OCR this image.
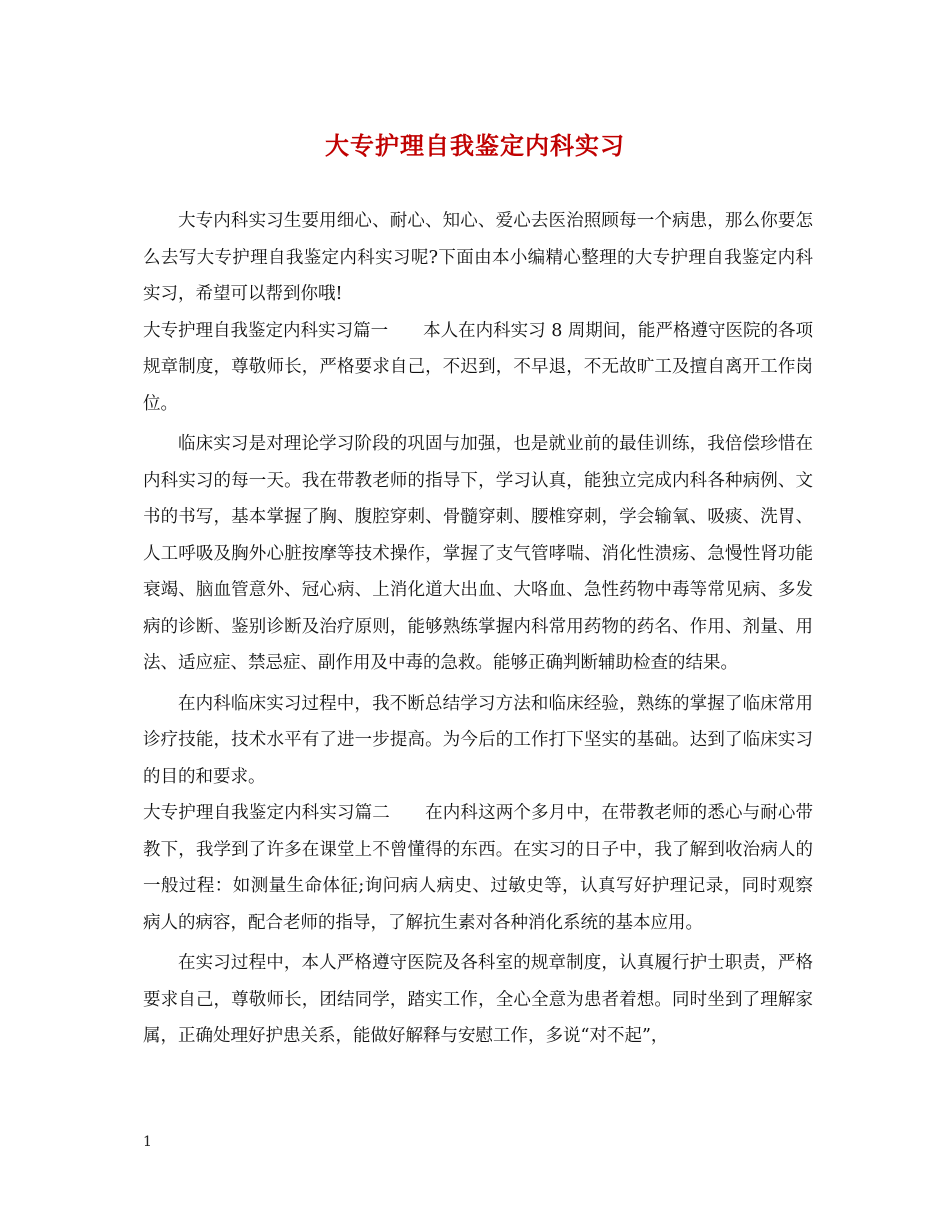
大专护理自我鉴定内科实习

大专内科实习生要用细心、耐心、知心、爱心去医治照顾每一个病患，那么你要怎么去写大专护理自我鉴定内科实习呢?下面由本小编精心整理的大专护理自我鉴定内科实习，希望可以帮到你哦!

大专护理自我鉴定内科实习篇一　　本人在内科实习 8 周期间，能严格遵守医院的各项规章制度，尊敬师长，严格要求自己，不迟到，不早退，不无故旷工及擅自离开工作岗位。

临床实习是对理论学习阶段的巩固与加强，也是就业前的最佳训练，我倍偿珍惜在内科实习的每一天。我在带教老师的指导下，学习认真，能独立完成内科各种病例、文书的书写，基本掌握了胸、腹腔穿刺、骨髓穿刺、腰椎穿刺，学会输氧、吸痰、洗胃、人工呼吸及胸外心脏按摩等技术操作，掌握了支气管哮喘、消化性溃疡、急慢性肾功能衰竭、脑血管意外、冠心病、上消化道大出血、大咯血、急性药物中毒等常见病、多发病的诊断、鉴别诊断及治疗原则，能够熟练掌握内科常用药物的药名、作用、剂量、用法、适应症、禁忌症、副作用及中毒的急救。能够正确判断辅助检查的结果。

在内科临床实习过程中，我不断总结学习方法和临床经验，熟练的掌握了临床常用诊疗技能，技术水平有了进一步提高。为今后的工作打下坚实的基础。达到了临床实习的目的和要求。

大专护理自我鉴定内科实习篇二　　在内科这两个多月中，在带教老师的悉心与耐心带教下，我学到了许多在课堂上不曾懂得的东西。在实习的日子中，我了解到收治病人的一般过程：如测量生命体征;询问病人病史、过敏史等，认真写好护理记录，同时观察病人的病容，配合老师的指导，了解抗生素对各种消化系统的基本应用。

在实习过程中，本人严格遵守医院及各科室的规章制度，认真履行护士职责，严格要求自己，尊敬师长，团结同学，踏实工作，全心全意为患者着想。同时坐到了理解家属，正确处理好护患关系，能做好解释与安慰工作，多说“对不起”，

1
